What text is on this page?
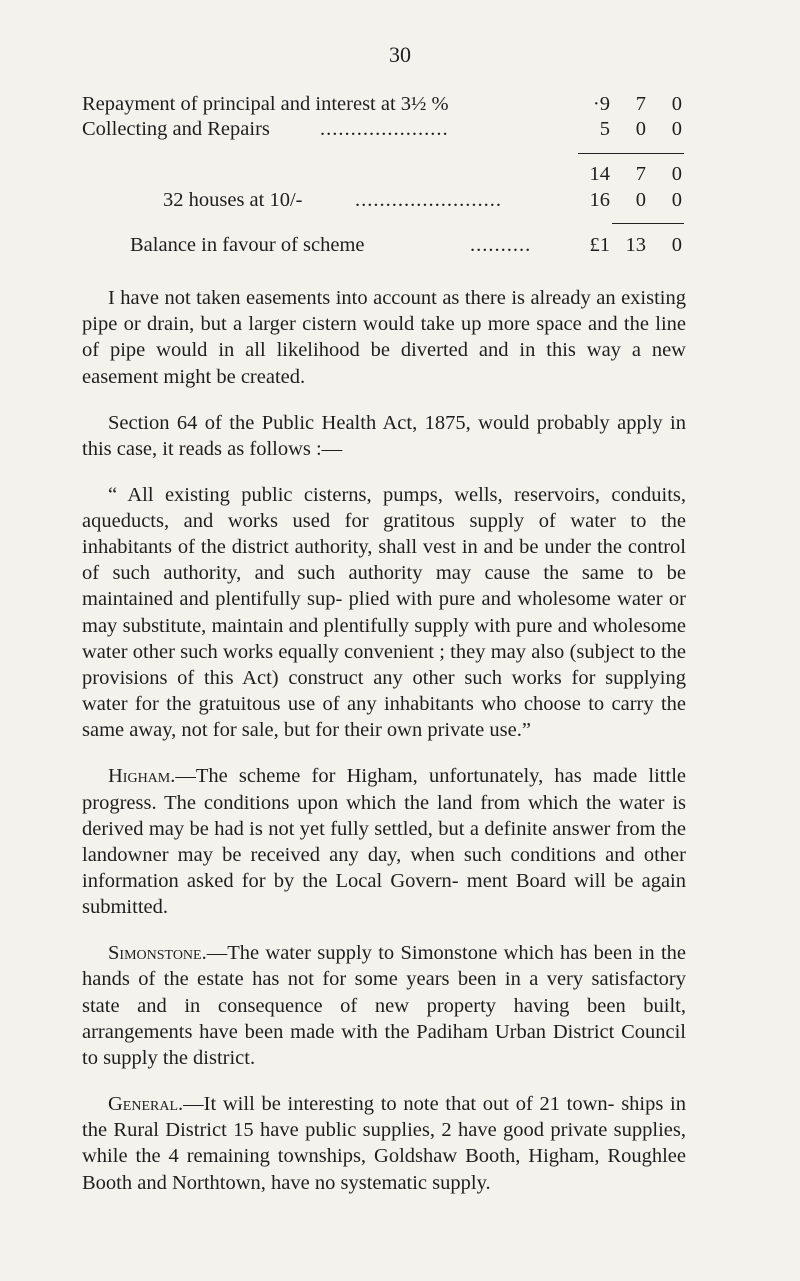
30
Repayment of principal and interest at 3½ %	·9	7	0
Collecting and Repairs .....................	5	0	0
14	7	0
32 houses at 10/-	........................	16	0	0
Balance in favour of scheme	..........	£1 13	0

I have not taken easements into account as there is already an existing pipe or drain, but a larger cistern would take up more space and the line of pipe would in all likelihood be diverted and in this way a new easement might be created.

Section 64 of the Public Health Act, 1875, would probably apply in this case, it reads as follows :—

“ All existing public cisterns, pumps, wells, reservoirs, conduits, aqueducts, and works used for gratitous supply of water to the inhabitants of the district authority, shall vest in and be under the control of such authority, and such authority may cause the same to be maintained and plentifully sup- plied with pure and wholesome water or may substitute, maintain and plentifully supply with pure and wholesome water other such works equally convenient ; they may also (subject to the provisions of this Act) construct any other such works for supplying water for the gratuitous use of any inhabitants who choose to carry the same away, not for sale, but for their own private use.”

Higham.—The scheme for Higham, unfortunately, has made little progress. The conditions upon which the land from which the water is derived may be had is not yet fully settled, but a definite answer from the landowner may be received any day, when such conditions and other information asked for by the Local Govern- ment Board will be again submitted.

Simonstone.—The water supply to Simonstone which has been in the hands of the estate has not for some years been in a very satisfactory state and in consequence of new property having been built, arrangements have been made with the Padiham Urban District Council to supply the district.

General.—It will be interesting to note that out of 21 town- ships in the Rural District 15 have public supplies, 2 have good private supplies, while the 4 remaining townships, Goldshaw Booth, Higham, Roughlee Booth and Northtown, have no systematic supply.
